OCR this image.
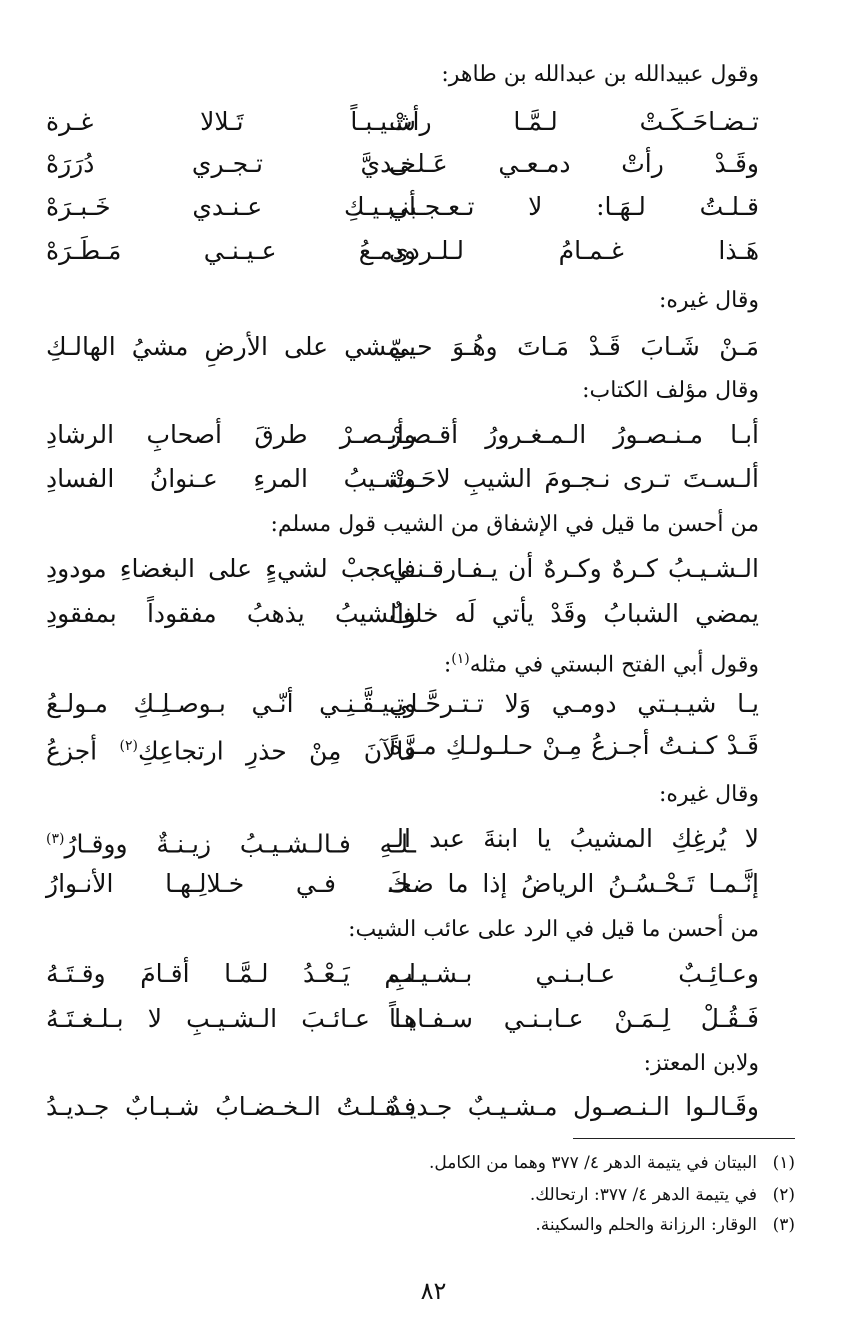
وقول عبيدالله بن عبدالله بن طاهر:
تـضـاحَـكَـتْ لـمَّـا رأتْ
شـيـبـاً تَـلالا غـرة
وقَـدْ رأتْ دمـعـي عَـلـى
خـديَّ تـجـري دُرَرَهْ
قـلـتُ لـهَـا: لا تـعـجـبي
أنـبـيـكِ عـنـدي خَـبـرَهْ
هَـذا غـمـامُ لـلـردى
ودمـعُ عـيـنـي مَـطَـرَهْ
وقال غيره:
مَـنْ شَـابَ قَـدْ مَـاتَ وهُـوَ حـيّ
يـمشي على الأرضِ مشيُ الهالـكِ
وقال مؤلف الكتاب:
أبـا مـنـصـورُ الـمـغـرورُ أقـصـرْ
وأبـصـرْ طرقَ أصحابِ الرشادِ
ألـسـتَ تـرى نـجـومَ الشيبِ لاحَـتْ
وشـيبُ المرءِ عـنوانُ الفسادِ
من أحسن ما قيل في الإشفاق من الشيب قول مسلم:
الـشـيـبُ كـرهٌ وكـرهٌ أن يـفـارقـنـي
فاعجبْ لشيءٍ على البغضاءِ مودودِ
يمضي الشبابُ وقَدْ يأتي لَه خلفٌ
والشيبُ يذهبُ مفقوداً بمفقودِ
وقول أبي الفتح البستي في مثله$^{(١)}$:
يـا شيـبـتي دومـي وَلا تـتـرحَّـلي
وتـيـقَّـنِـي أنّـي بـوصـلِـكِ مـولـعُ
قَـدْ كـنـتُ أجـزعُ مِـنْ حـلـولـكِ مـرَّةً
فالآنَ مِنْ حذرِ ارتجاعِكِ$^{(٢)}$ أجزعُ
وقال غيره:
لا يُرغِكِ المشيبُ يا ابنةَ عبد الـ
ـلـهِ فـالـشـيـبُ زيـنـةٌ ووقـارُ$^{(٣)}$
إنَّـمـا تَـحْـسُـنُ الرياضُ إذا ما ضحـ
ـكَ فـي خـلالِـهـا الأنـوارُ
من أحسن ما قيل في الرد على عائب الشيب:
وعـائِـبٌ عـابـنـي بـشـيـبِ
لـم يَـعْـدُ لـمَّـا أقـامَ وقـتَـهُ
فَـقُـلْ لِـمَـنْ عـابـنـي سـفـاهـاً
يـا عـائـبَ الـشـيـبِ لا بـلـغـتَـهُ
ولابن المعتز:
وقَـالـوا الـنـصـول مـشـيـبٌ جـديـدٌ
فـقـلـتُ الـخـضـابُ شـبـابٌ جـديـدُ
(١)البيتان في يتيمة الدهر ٤/ ٣٧٧ وهما من الكامل.
(٢)في يتيمة الدهر ٤/ ٣٧٧: ارتحالك.
(٣)الوقار: الرزانة والحلم والسكينة.
٨٢
